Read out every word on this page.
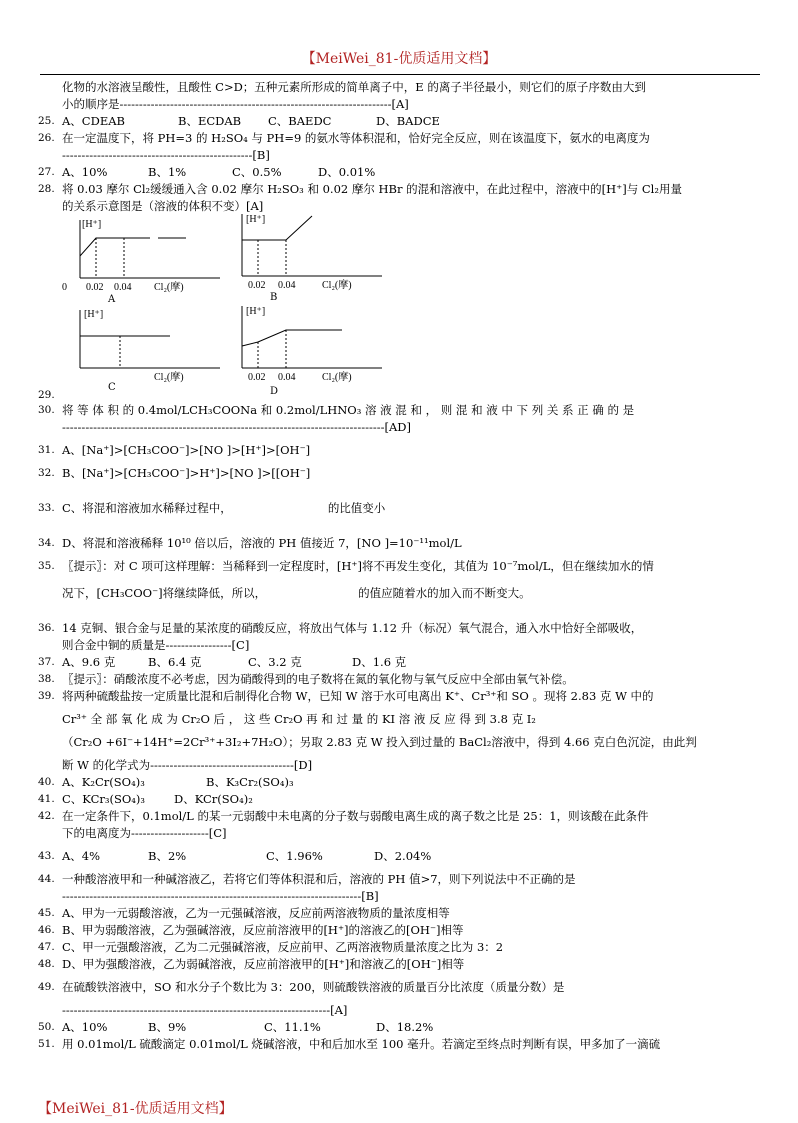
【MeiWei_81-优质适用文档】
化物的水溶液呈酸性，且酸性 C>D；五种元素所形成的简单离子中，E 的离子半径最小，则它们的原子序数由大到
小的顺序是----------------------------------------------------------------------[A]
25. A、CDEAB	B、ECDAB	C、BAEDC	D、BADCE
26. 在一定温度下，将 PH=3 的 H₂SO₄ 与 PH=9 的氨水等体积混和，恰好完全反应，则在该温度下，氨水的电离度为
-------------------------------------------------[B]
27. A、10%	B、1%	C、0.5%	D、0.01%
28. 将 0.03 摩尔 Cl₂缓缓通入含 0.02 摩尔 H₂SO₃ 和 0.02 摩尔 HBr 的混和溶液中，在此过程中，溶液中的[H⁺]与 Cl₂用量
的关系示意图是（溶液的体积不变）[A]
[H⁺]
0 0.02 0.04 Cl₂(摩)
A
[H⁺]
0.02 0.04	Cl₂(摩)
B
[H⁺]
Cl₂(摩)
C
[H⁺]
0.02 0.04	Cl₂(摩)
D
29.
30. 将 等 体 积 的 0.4mol/LCH₃COONa 和 0.2mol/LHNO₃ 溶 液 混 和 ， 则 混 和 液 中 下 列 关 系 正 确 的 是
-----------------------------------------------------------------------------------[AD]
31. A、[Na⁺]>[CH₃COO⁻]>[NO ]>[H⁺]>[OH⁻]
32. B、[Na⁺]>[CH₃COO⁻]>H⁺]>[NO ]>[[OH⁻]
33. C、将混和溶液加水稀释过程中，	的比值变小
34. D、将混和溶液稀释 10¹⁰ 倍以后，溶液的 PH 值接近 7，[NO ]=10⁻¹¹mol/L
35. 〖提示〗：对 C 项可这样理解：当稀释到一定程度时，[H⁺]将不再发生变化，其值为 10⁻⁷mol/L，但在继续加水的情
况下，[CH₃COO⁻]将继续降低，所以，	的值应随着水的加入而不断变大。
36. 14 克铜、银合金与足量的某浓度的硝酸反应，将放出气体与 1.12 升（标况）氧气混合，通入水中恰好全部吸收，
则合金中铜的质量是-----------------[C]
37. A、9.6 克	B、6.4 克	C、3.2 克	D、1.6 克
38. 〖提示〗：硝酸浓度不必考虑，因为硝酸得到的电子数将在氮的氧化物与氧气反应中全部由氧气补偿。
39. 将两种硫酸盐按一定质量比混和后制得化合物 W，已知 W 溶于水可电离出 K⁺、Cr³⁺和 SO 。现将 2.83 克 W 中的
Cr³⁺ 全 部 氧 化 成 为 Cr₂O 后 ， 这 些 Cr₂O 再 和 过 量 的 KI 溶 液 反 应 得 到 3.8 克 I₂
（Cr₂O +6I⁻+14H⁺=2Cr³⁺+3I₂+7H₂O）；另取 2.83 克 W 投入到过量的 BaCl₂溶液中，得到 4.66 克白色沉淀，由此判
断 W 的化学式为-------------------------------------[D]
40. A、K₂Cr(SO₄)₃	B、K₃Cr₂(SO₄)₃
41. C、KCr₃(SO₄)₃	D、KCr(SO₄)₂
42. 在一定条件下，0.1mol/L 的某一元弱酸中未电离的分子数与弱酸电离生成的离子数之比是 25：1，则该酸在此条件
下的电离度为--------------------[C]
43. A、4%	B、2%	C、1.96%	D、2.04%
44. 一种酸溶液甲和一种碱溶液乙，若将它们等体积混和后，溶液的 PH 值>7，则下列说法中不正确的是
-----------------------------------------------------------------------------[B]
45. A、甲为一元弱酸溶液，乙为一元强碱溶液，反应前两溶液物质的量浓度相等
46. B、甲为弱酸溶液，乙为强碱溶液，反应前溶液甲的[H⁺]的溶液乙的[OH⁻]相等
47. C、甲一元强酸溶液，乙为二元强碱溶液，反应前甲、乙两溶液物质量浓度之比为 3：2
48. D、甲为强酸溶液，乙为弱碱溶液，反应前溶液甲的[H⁺]和溶液乙的[OH⁻]相等
49. 在硫酸铁溶液中，SO 和水分子个数比为 3：200，则硫酸铁溶液的质量百分比浓度（质量分数）是
---------------------------------------------------------------------[A]
50. A、10%	B、9%	C、11.1%	D、18.2%
51. 用 0.01mol/L 硫酸滴定 0.01mol/L 烧碱溶液，中和后加水至 100 毫升。若滴定至终点时判断有误，甲多加了一滴硫
【MeiWei_81-优质适用文档】
